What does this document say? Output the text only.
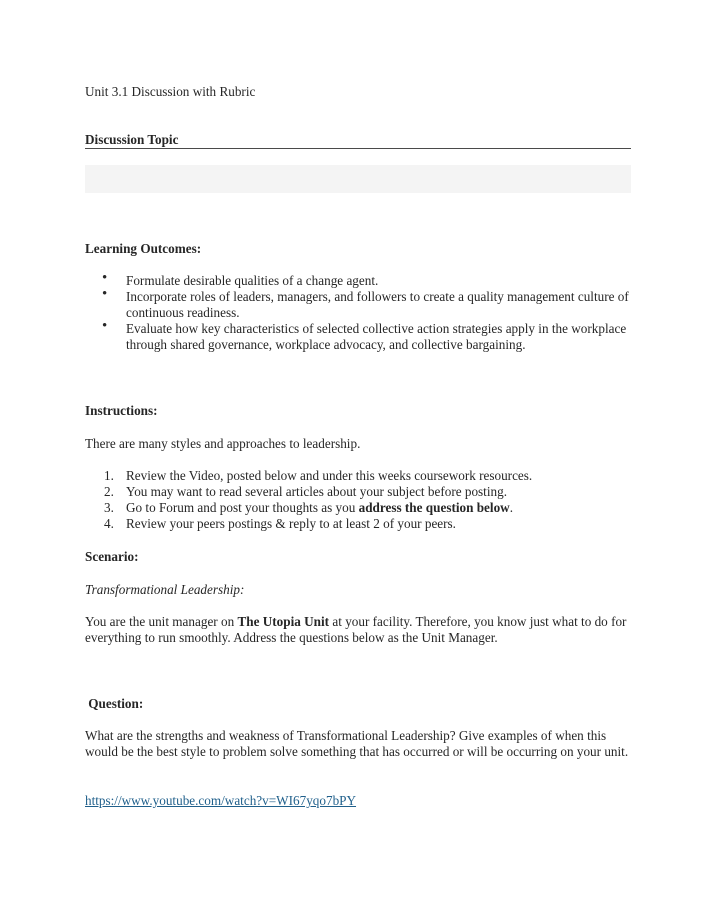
Unit 3.1 Discussion with Rubric
Discussion Topic
Learning Outcomes:
• Formulate desirable qualities of a change agent.
• Incorporate roles of leaders, managers, and followers to create a quality management culture of continuous readiness.
• Evaluate how key characteristics of selected collective action strategies apply in the workplace through shared governance, workplace advocacy, and collective bargaining.
Instructions:
There are many styles and approaches to leadership.
1. Review the Video, posted below and under this weeks coursework resources.
2. You may want to read several articles about your subject before posting.
3. Go to Forum and post your thoughts as you address the question below.
4. Review your peers postings & reply to at least 2 of your peers.
Scenario:
Transformational Leadership:
You are the unit manager on The Utopia Unit at your facility. Therefore, you know just what to do for everything to run smoothly. Address the questions below as the Unit Manager.
Question:
What are the strengths and weakness of Transformational Leadership? Give examples of when this would be the best style to problem solve something that has occurred or will be occurring on your unit.
https://www.youtube.com/watch?v=WI67yqo7bPY
